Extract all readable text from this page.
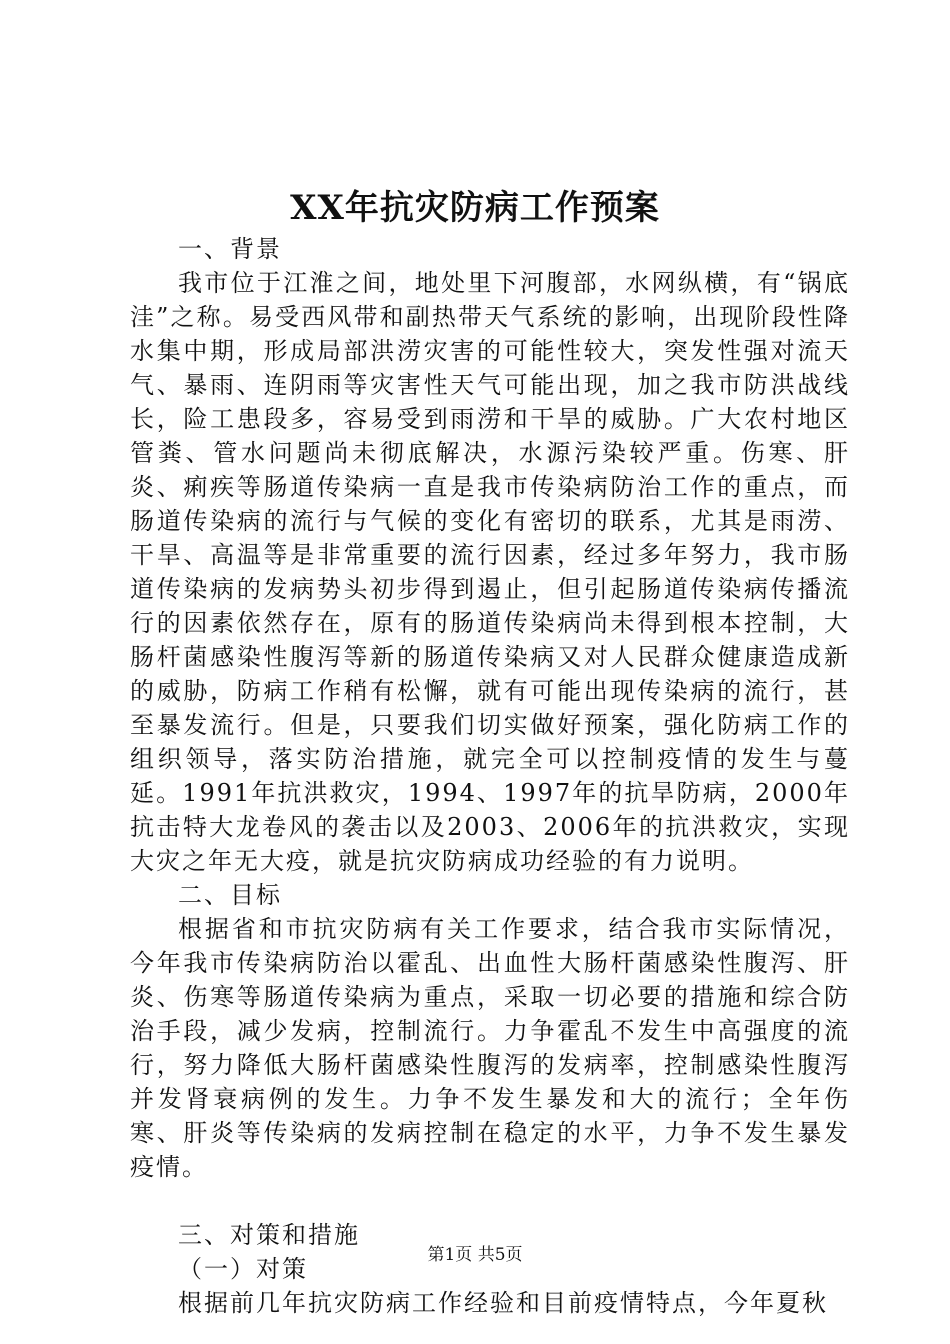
XX年抗灾防病工作预案

一、背景

我市位于江淮之间，地处里下河腹部，水网纵横，有“锅底洼”之称。易受西风带和副热带天气系统的影响，出现阶段性降水集中期，形成局部洪涝灾害的可能性较大，突发性强对流天气、暴雨、连阴雨等灾害性天气可能出现，加之我市防洪战线长，险工患段多，容易受到雨涝和干旱的威胁。广大农村地区管粪、管水问题尚未彻底解决，水源污染较严重。伤寒、肝炎、痢疾等肠道传染病一直是我市传染病防治工作的重点，而肠道传染病的流行与气候的变化有密切的联系，尤其是雨涝、干旱、高温等是非常重要的流行因素，经过多年努力，我市肠道传染病的发病势头初步得到遏止，但引起肠道传染病传播流行的因素依然存在，原有的肠道传染病尚未得到根本控制，大肠杆菌感染性腹泻等新的肠道传染病又对人民群众健康造成新的威胁，防病工作稍有松懈，就有可能出现传染病的流行，甚至暴发流行。但是，只要我们切实做好预案，强化防病工作的组织领导，落实防治措施，就完全可以控制疫情的发生与蔓延。1991年抗洪救灾，1994、1997年的抗旱防病，2000年抗击特大龙卷风的袭击以及2003、2006年的抗洪救灾，实现大灾之年无大疫，就是抗灾防病成功经验的有力说明。

二、目标

根据省和市抗灾防病有关工作要求，结合我市实际情况，今年我市传染病防治以霍乱、出血性大肠杆菌感染性腹泻、肝炎、伤寒等肠道传染病为重点，采取一切必要的措施和综合防治手段，减少发病，控制流行。力争霍乱不发生中高强度的流行，努力降低大肠杆菌感染性腹泻的发病率，控制感染性腹泻并发肾衰病例的发生。力争不发生暴发和大的流行；全年伤寒、肝炎等传染病的发病控制在稳定的水平，力争不发生暴发疫情。

三、对策和措施

（一）对策

根据前几年抗灾防病工作经验和目前疫情特点，今年夏秋

第1页 共5页
